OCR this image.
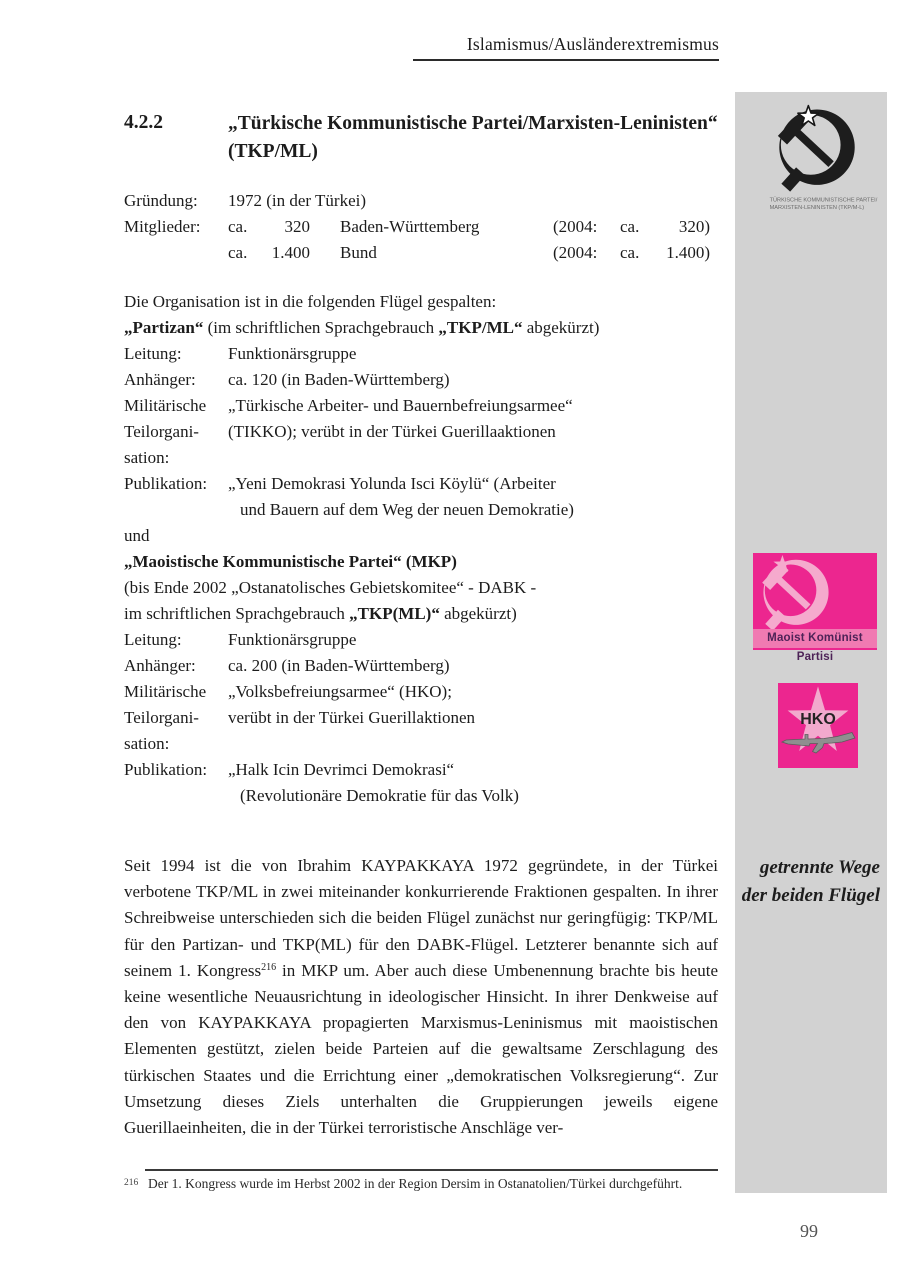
Islamismus/Ausländerextremismus
4.2.2	„Türkische Kommunistische Partei/Marxisten-Leninisten“
(TKP/ML)
Gründung:	1972 (in der Türkei)
Mitglieder:	ca.	320 Baden-Württemberg	(2004:	ca.	320)
ca.	1.400 Bund	(2004:	ca.	1.400)
Die Organisation ist in die folgenden Flügel gespalten:
„Partizan“ (im schriftlichen Sprachgebrauch „TKP/ML“ abgekürzt)
Leitung:	Funktionärsgruppe
Anhänger:	ca. 120 (in Baden-Württemberg)
Militärische	„Türkische Arbeiter- und Bauernbefreiungsarmee“
Teilorgani-	(TIKKO); verübt in der Türkei Guerillaaktionen
sation:
Publikation:	„Yeni Demokrasi Yolunda Isci Köylü“ (Arbeiter
und Bauern auf dem Weg der neuen Demokratie)
und
„Maoistische Kommunistische Partei“ (MKP)
(bis Ende 2002 „Ostanatolisches Gebietskomitee“ - DABK -
im schriftlichen Sprachgebrauch „TKP(ML)“ abgekürzt)
Leitung:	Funktionärsgruppe
Anhänger:	ca. 200 (in Baden-Württemberg)
Militärische	„Volksbefreiungsarmee“ (HKO);
Teilorgani-	verübt in der Türkei Guerillaktionen
sation:
Publikation:	„Halk Icin Devrimci Demokrasi“
(Revolutionäre Demokratie für das Volk)

Seit 1994 ist die von Ibrahim KAYPAKKAYA 1972 gegründete, in der Türkei verbotene TKP/ML in zwei miteinander konkurrierende Fraktionen gespalten. In ihrer Schreibweise unterschieden sich die beiden Flügel zunächst nur geringfügig: TKP/ML für den Partizan- und TKP(ML) für den DABK-Flügel. Letzterer benannte sich auf seinem 1. Kongress$^{216}$ in MKP um. Aber auch diese Umbenennung brachte bis heute keine wesentliche Neuausrichtung in ideologischer Hinsicht. In ihrer Denkweise auf den von KAYPAKKAYA propagierten Marxismus-Leninismus mit maoistischen Elementen gestützt, zielen beide Parteien auf die gewaltsame Zerschlagung des türkischen Staates und die Errichtung einer „demokratischen Volksregierung“. Zur Umsetzung dieses Ziels unterhalten die Gruppierungen jeweils eigene Guerillaeinheiten, die in der Türkei terroristische Anschläge ver-

216 Der 1. Kongress wurde im Herbst 2002 in der Region Dersim in Ostanatolien/Türkei durchgeführt.
99
TÜRKISCHE KOMMUNISTISCHE PARTEI/
MARXISTEN-LENINISTEN (TKP/M-L)
Maoist Komünist Partisi
HKO
getrennte Wege
der beiden Flügel
